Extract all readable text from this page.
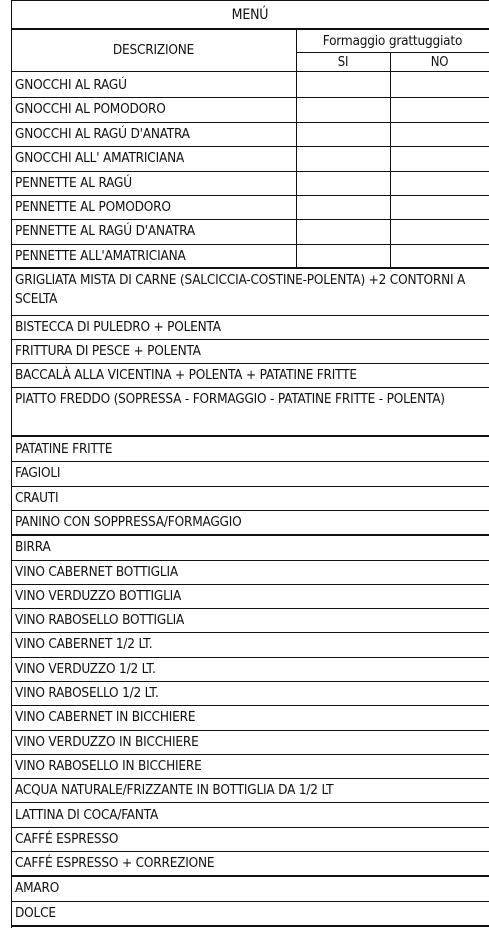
MENÚ
DESCRIZIONE
Formaggio grattuggiato
SI	NO
GNOCCHI AL RAGÚ
GNOCCHI AL POMODORO
GNOCCHI AL RAGÚ D'ANATRA
GNOCCHI ALL' AMATRICIANA
PENNETTE AL RAGÚ
PENNETTE AL POMODORO
PENNETTE AL RAGÚ D'ANATRA
PENNETTE ALL'AMATRICIANA
GRIGLIATA MISTA DI CARNE (SALCICCIA-COSTINE-POLENTA) +2 CONTORNI A SCELTA
BISTECCA DI PULEDRO + POLENTA
FRITTURA DI PESCE + POLENTA
BACCALÀ ALLA VICENTINA + POLENTA + PATATINE FRITTE
PIATTO FREDDO (SOPRESSA - FORMAGGIO - PATATINE FRITTE - POLENTA)
PATATINE FRITTE
FAGIOLI
CRAUTI
PANINO CON SOPPRESSA/FORMAGGIO
BIRRA
VINO CABERNET BOTTIGLIA
VINO VERDUZZO BOTTIGLIA
VINO RABOSELLO BOTTIGLIA
VINO CABERNET 1/2 LT.
VINO VERDUZZO 1/2 LT.
VINO RABOSELLO 1/2 LT.
VINO CABERNET IN BICCHIERE
VINO VERDUZZO IN BICCHIERE
VINO RABOSELLO IN BICCHIERE
ACQUA NATURALE/FRIZZANTE IN BOTTIGLIA DA 1/2 LT
LATTINA DI COCA/FANTA
CAFFÉ ESPRESSO
CAFFÉ ESPRESSO + CORREZIONE
AMARO
DOLCE
